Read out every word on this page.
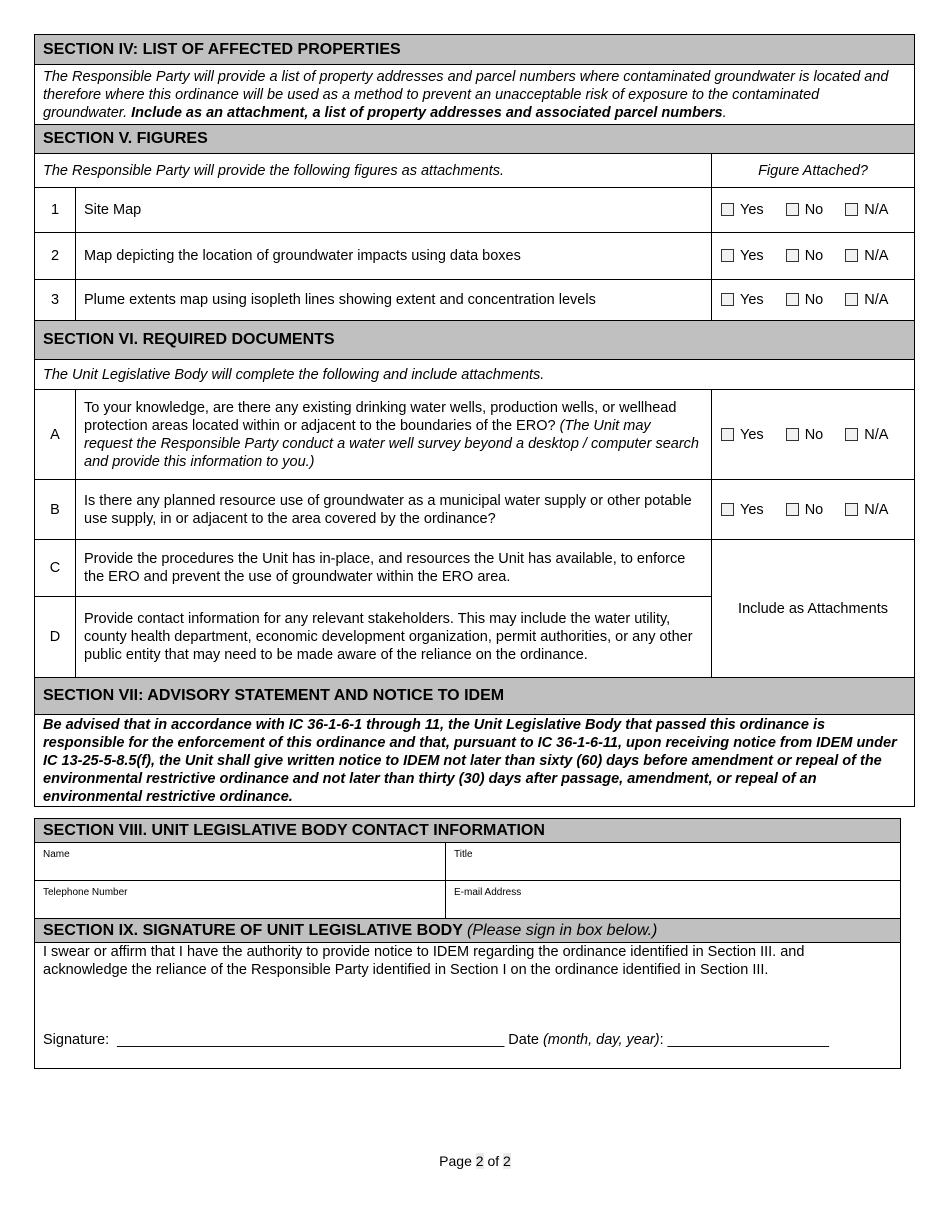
SECTION IV: LIST OF AFFECTED PROPERTIES		
The Responsible Party will provide a list of property addresses and parcel numbers where contaminated groundwater is located and therefore where this ordinance will be used as a method to prevent an unacceptable risk of exposure to the contaminated groundwater. Include as an attachment, a list of property addresses and associated parcel numbers.		
SECTION V. FIGURES		
The Responsible Party will provide the following figures as attachments.		Figure Attached?
1	Site Map	Yes No N/A
2	Map depicting the location of groundwater impacts using data boxes	Yes No N/A
3	Plume extents map using isopleth lines showing extent and concentration levels	Yes No N/A
SECTION VI. REQUIRED DOCUMENTS		
The Unit Legislative Body will complete the following and include attachments.		
A	To your knowledge, are there any existing drinking water wells, production wells, or wellhead protection areas located within or adjacent to the boundaries of the ERO? (The Unit may request the Responsible Party conduct a water well survey beyond a desktop / computer search and provide this information to you.)	Yes No N/A
B	Is there any planned resource use of groundwater as a municipal water supply or other potable use supply, in or adjacent to the area covered by the ordinance?	Yes No N/A
C	Provide the procedures the Unit has in-place, and resources the Unit has available, to enforce the ERO and prevent the use of groundwater within the ERO area.	Include as Attachments
D	Provide contact information for any relevant stakeholders. This may include the water utility, county health department, economic development organization, permit authorities, or any other public entity that may need to be made aware of the reliance on the ordinance.	
SECTION VII: ADVISORY STATEMENT AND NOTICE TO IDEM		
Be advised that in accordance with IC 36-1-6-1 through 11, the Unit Legislative Body that passed this ordinance is responsible for the enforcement of this ordinance and that, pursuant to IC 36-1-6-11, upon receiving notice from IDEM under IC 13-25-5-8.5(f), the Unit shall give written notice to IDEM not later than sixty (60) days before amendment or repeal of the environmental restrictive ordinance and not later than thirty (30) days after passage, amendment, or repeal of an environmental restrictive ordinance.		
SECTION VIII. UNIT LEGISLATIVE BODY CONTACT INFORMATION	

Name	Title

Telephone Number	E-mail Address

SECTION IX. SIGNATURE OF UNIT LEGISLATIVE BODY (Please sign in box below.)	

I swear or affirm that I have the authority to provide notice to IDEM regarding the ordinance identified in Section III. and acknowledge the reliance of the Responsible Party identified in Section I on the ordinance identified in Section III.
Signature: ________________________________________________ Date (month, day, year): ____________________	
Page 2 of 2
